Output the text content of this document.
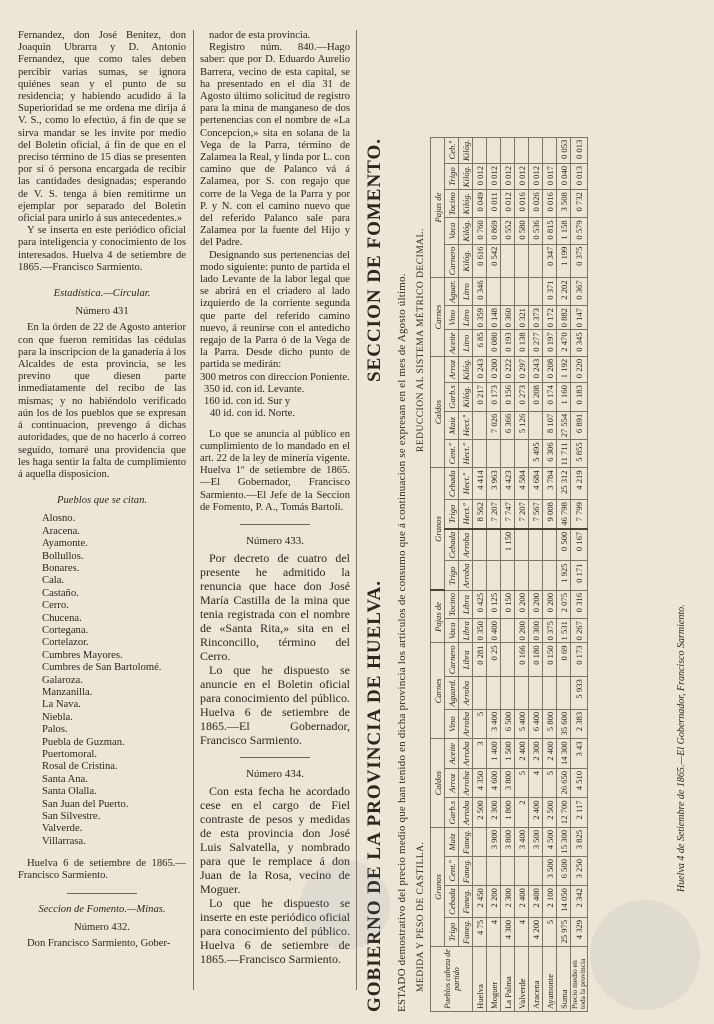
Fernandez, don José Benitez, don Joaquin Ubrarra y D. Antonio Fernandez, que como tales deben percibir varias sumas, se ignora quiénes sean y el punto de su residencia; y habiendo acudido á la Superioridad se me ordena me dirija á V. S., como lo efectúo, á fin de que se sirva mandar se les invite por medio del Boletin oficial, á fin de que en el preciso término de 15 dias se presenten por sí ó persona encargada de recibir las cantidades designadas; esperando de V. S. tenga á bien remitirme un ejemplar por separado del Boletin oficial para unirlo á sus antecedentes.»

Y se inserta en este periódico oficial para inteligencia y conocimiento de los interesados. Huelva 4 de setiembre de 1865.—Francisco Sarmiento.

Estadística.—Circular.
Número 431

En la órden de 22 de Agosto anterior con que fueron remitidas las cédulas para la inscripcion de la ganadería á los Alcaldes de esta provincia, se les previno que diesen parte inmediatamente del recibo de las mismas; y no habiéndolo verificado aún los de los pueblos que se expresan á continuacion, prevengo á dichas autoridades, que de no hacerlo á correo seguido, tomaré una providencia que les haga sentir la falta de cumplimiento á aquella disposicion.

Pueblos que se citan.
Alosno.
Aracena.
Ayamonte.
Bollullos.
Bonares.
Cala.
Castaño.
Cerro.
Chucena.
Cortegana.
Cortelazor.
Cumbres Mayores.
Cumbres de San Bartolomé.
Galaroza.
Manzanilla.
La Nava.
Niebla.
Palos.
Puebla de Guzman.
Puertomoral.
Rosal de Cristina.
Santa Ana.
Santa Olalla.
San Juan del Puerto.
San Silvestre.
Valverde.
Villarrasa.

Huelva 6 de setiembre de 1865.—Francisco Sarmiento.

Seccion de Fomento.—Minas.
Número 432.

Don Francisco Sarmiento, Gober-

nador de esta provincia.

Registro núm. 840.—Hago saber: que por D. Eduardo Aurelio Barrera, vecino de esta capital, se ha presentado en el dia 31 de Agosto último solicitud de registro para la mina de manganeso de dos pertenencias con el nombre de «La Concepcion,» sita en solana de la Vega de la Parra, término de Zalamea la Real, y linda por L. con camino que de Palanco vá á Zalamea, por S. con regajo que corre de la Vega de la Parra y por P. y N. con el camino nuevo que del referido Palanco sale para Zalamea por la fuente del Hijo y del Padre.

Designando sus pertenencias del modo siguiente: punto de partida el lado Levante de la labor legal que se abrirá en el criadero al lado izquierdo de la corriente segunda que parte del referido camino nuevo, á reunirse con el antedicho regajo de la Parra ó de la Vega de la Parra. Desde dicho punto de partida se medirán:

300 metros con direccion Poniente.
350 id. con id. Levante.
160 id. con id. Sur y
40 id. con id. Norte.

Lo que se anuncia al público en cumplimiento de lo mandado en el art. 22 de la ley de minería vigente. Huelva 1º de setiembre de 1865. —El Gobernador, Francisco Sarmiento.—El Jefe de la Seccion de Fomento, P. A., Tomás Bartoli.

Número 433.

Por decreto de cuatro del presente he admitido la renuncia que hace don José María Castilla de la mina que tenia registrada con el nombre de «Santa Rita,» sita en el Rinconcillo, término del Cerro.

Lo que he dispuesto se anuncie en el Boletin oficial para conocimiento del público. Huelva 6 de setiembre de 1865.—El Gobernador, Francisco Sarmiento.

Número 434.

Con esta fecha he acordado cese en el cargo de Fiel contraste de pesos y medidas de esta provincia don José Luis Salvatella, y nombrado para que le remplace á don Juan de la Rosa, vecino de Moguer.

Lo que he dispuesto se inserte en este periódico oficial para conocimiento del público. Huelva 6 de setiembre de 1865.—Francisco Sarmiento.	GOBIERNO DE LA PROVINCIA DE HUELVA.
SECCION DE FOMENTO.
ESTADO demostrativo del precio medio que han tenido en dicha provincia los artículos de consumo que á continuacion se expresan en el mes de Agosto último. MEDIDA Y PESO DE CASTILLA.
REDUCCION AL SISTEMA MÉTRICO DECIMAL.
Pueblos cabeza de partido	Granos				Caldos			Carnes			Pajas de		Granos				Caldos				Carnes			Pajas de				
	Trigo	Cebada	Cent.º	Maiz	Garb.s	Arroz	Aceite	Vino	Aguard.	Carnero	Vaca	Tocino	Trigo	Cebada	Trigo	Cebada	Cent.º	Maiz	Garb.s	Arroz	Aceite	Vino	Aguar.	Carnero	Vaca	Tocino	Trigo	Ceb.ª
	Faneg.	Faneg.	Faneg.	Faneg.	Arroba	Arroba	Arroba	Arroba	Arroba	Libra	Libra	Libra	Arroba	Arroba	Hect.º	Hect.º	Hect.º	Hect.º	Kilóg.	Kilóg.	Litro	Litro	Litro	Kilóg.	Kilóg.	Kilóg.	Kilóg.	Kilóg.
Huelva	4 75	2 450			2 500	4 350	3	5		0 281	0 350	0 425			8 562	4 414			0 217	0 243	6 85	0 359	0 346	0 616	0 760	0 049	0 012	
Moguer	4	2 200		3 900	2 300	4 600	1 400	3 400		0 25	0 400	0 125			7 207	3 963		7 026	0 173	0 200	0 080	0 148		0 542	0 869	0 011	0 012	
La Palma	4 300	2 300		3 800	1 800	3 800	1 500	6 500				0 150		1 150	7 747	4 423		6 366	0 156	0 222	0 193	0 360			0 552	0 012	0 012	
Valverde	4	2 400		3 400	2	5	2 400	5 400		0 166	0 200	0 200			7 207	4 584		5 126	0 273	0 297	0 138	0 321			0 580	0 016	0 012	
Aracena	4 200	2 400		3 500	2 400	4	2 300	6 400		0 180	0 300	0 200			7 567	4 684	5 495		0 208	0 243	0 277	0 373			0 536	0 026	0 012	
Ayamonte	5	2 100	3 500	4 500	2 500	5	2 400	5 800		0 150	0 375	0 200			9 008	3 784	6 306	8 107	0 174	0 208	0 197	0 172	0 371	0 347	0 815	0 016	0 017	
Suma	25 975	14 050	6 500	15 300	12 700	26 650	14 300	35 600		0 69	1 531	2 075	1 925	0 500	46 798	25 312	11 711	27 554	1 160	1 192	2 470	0 882	2 202	1 199	1 158	3 508	0 040	0 053
Precio medio en toda la provincia	4 329	2 342	3 250	3 825	2 117	4 510	3 43	2 383	5 933	0 173	0 267	0 316	0 171	0 167	7 799	4 219	5 855	6 891	0 183	0 220	0 345	0 147	0 367	0 375	0 579	0 732	0 013	0 013
Huelva 4 de Setiembre de 1865.—El Gobernador, Francisco Sarmiento.
